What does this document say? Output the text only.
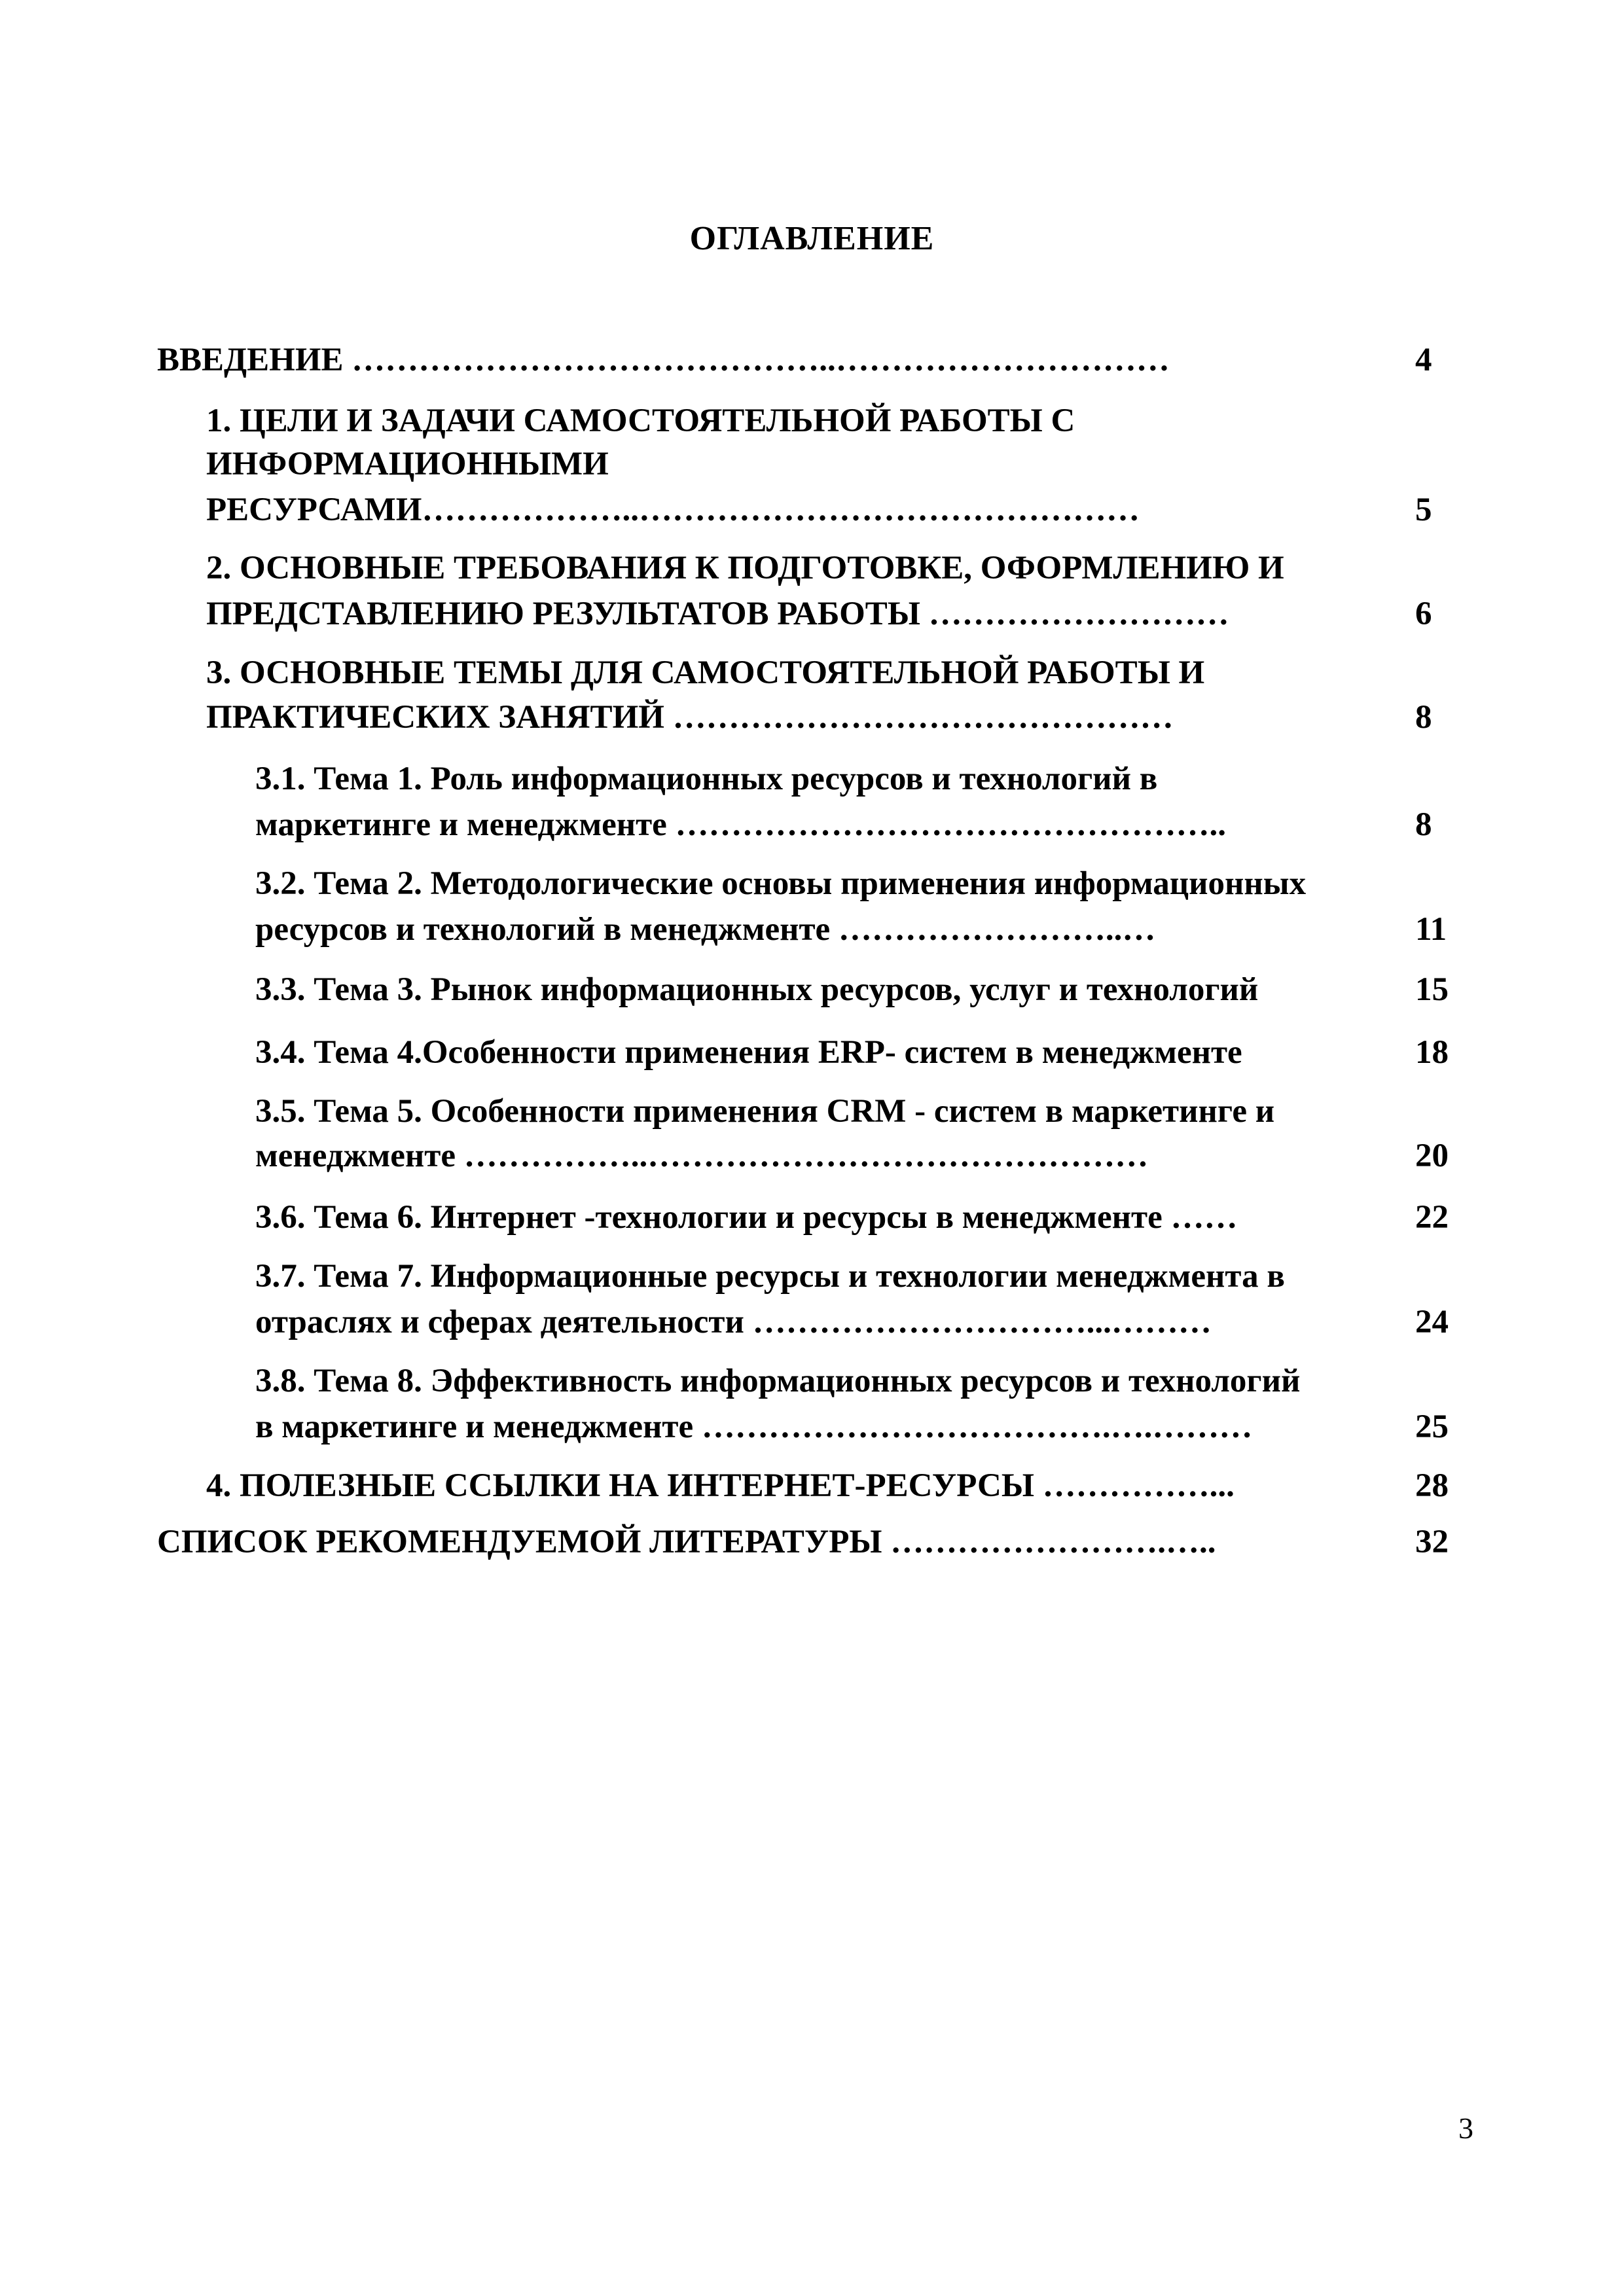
ОГЛАВЛЕНИЕ
ВВЕДЕНИЕ ……………………………………..…………………………	4
1. ЦЕЛИ И ЗАДАЧИ САМОСТОЯТЕЛЬНОЙ РАБОТЫ С
ИНФОРМАЦИОННЫМИ
РЕСУРСАМИ………………..………………………………………	5
2. ОСНОВНЫЕ ТРЕБОВАНИЯ К ПОДГОТОВКЕ, ОФОРМЛЕНИЮ И
ПРЕДСТАВЛЕНИЮ РЕЗУЛЬТАТОВ РАБОТЫ ………………………	6
3. ОСНОВНЫЕ ТЕМЫ ДЛЯ САМОСТОЯТЕЛЬНОЙ РАБОТЫ И
ПРАКТИЧЕСКИХ ЗАНЯТИЙ ………………………………………	8
3.1. Тема 1. Роль информационных ресурсов и технологий в
маркетинге и менеджменте …………………………………………..	8
3.2. Тема 2. Методологические основы применения информационных
ресурсов и технологий в менеджменте ……………………..…	11
3.3. Тема 3. Рынок информационных ресурсов, услуг и технологий	15
3.4. Тема 4.Особенности применения ERP- систем в менеджменте	18
3.5. Тема 5. Особенности применения CRM - систем в маркетинге и
менеджменте ……………..………………………………………	20
3.6. Тема 6. Интернет -технологии и ресурсы в менеджменте ……	22
3.7. Тема 7. Информационные ресурсы и технологии менеджмента в
отраслях и сферах деятельности …………………………...………	24
3.8. Тема 8. Эффективность информационных ресурсов и технологий
в маркетинге и менеджменте ……………………………….….………	25
4. ПОЛЕЗНЫЕ ССЫЛКИ НА ИНТЕРНЕТ-РЕСУРСЫ ……………...	28
СПИСОК РЕКОМЕНДУЕМОЙ ЛИТЕРАТУРЫ …………………….…..	32
3
